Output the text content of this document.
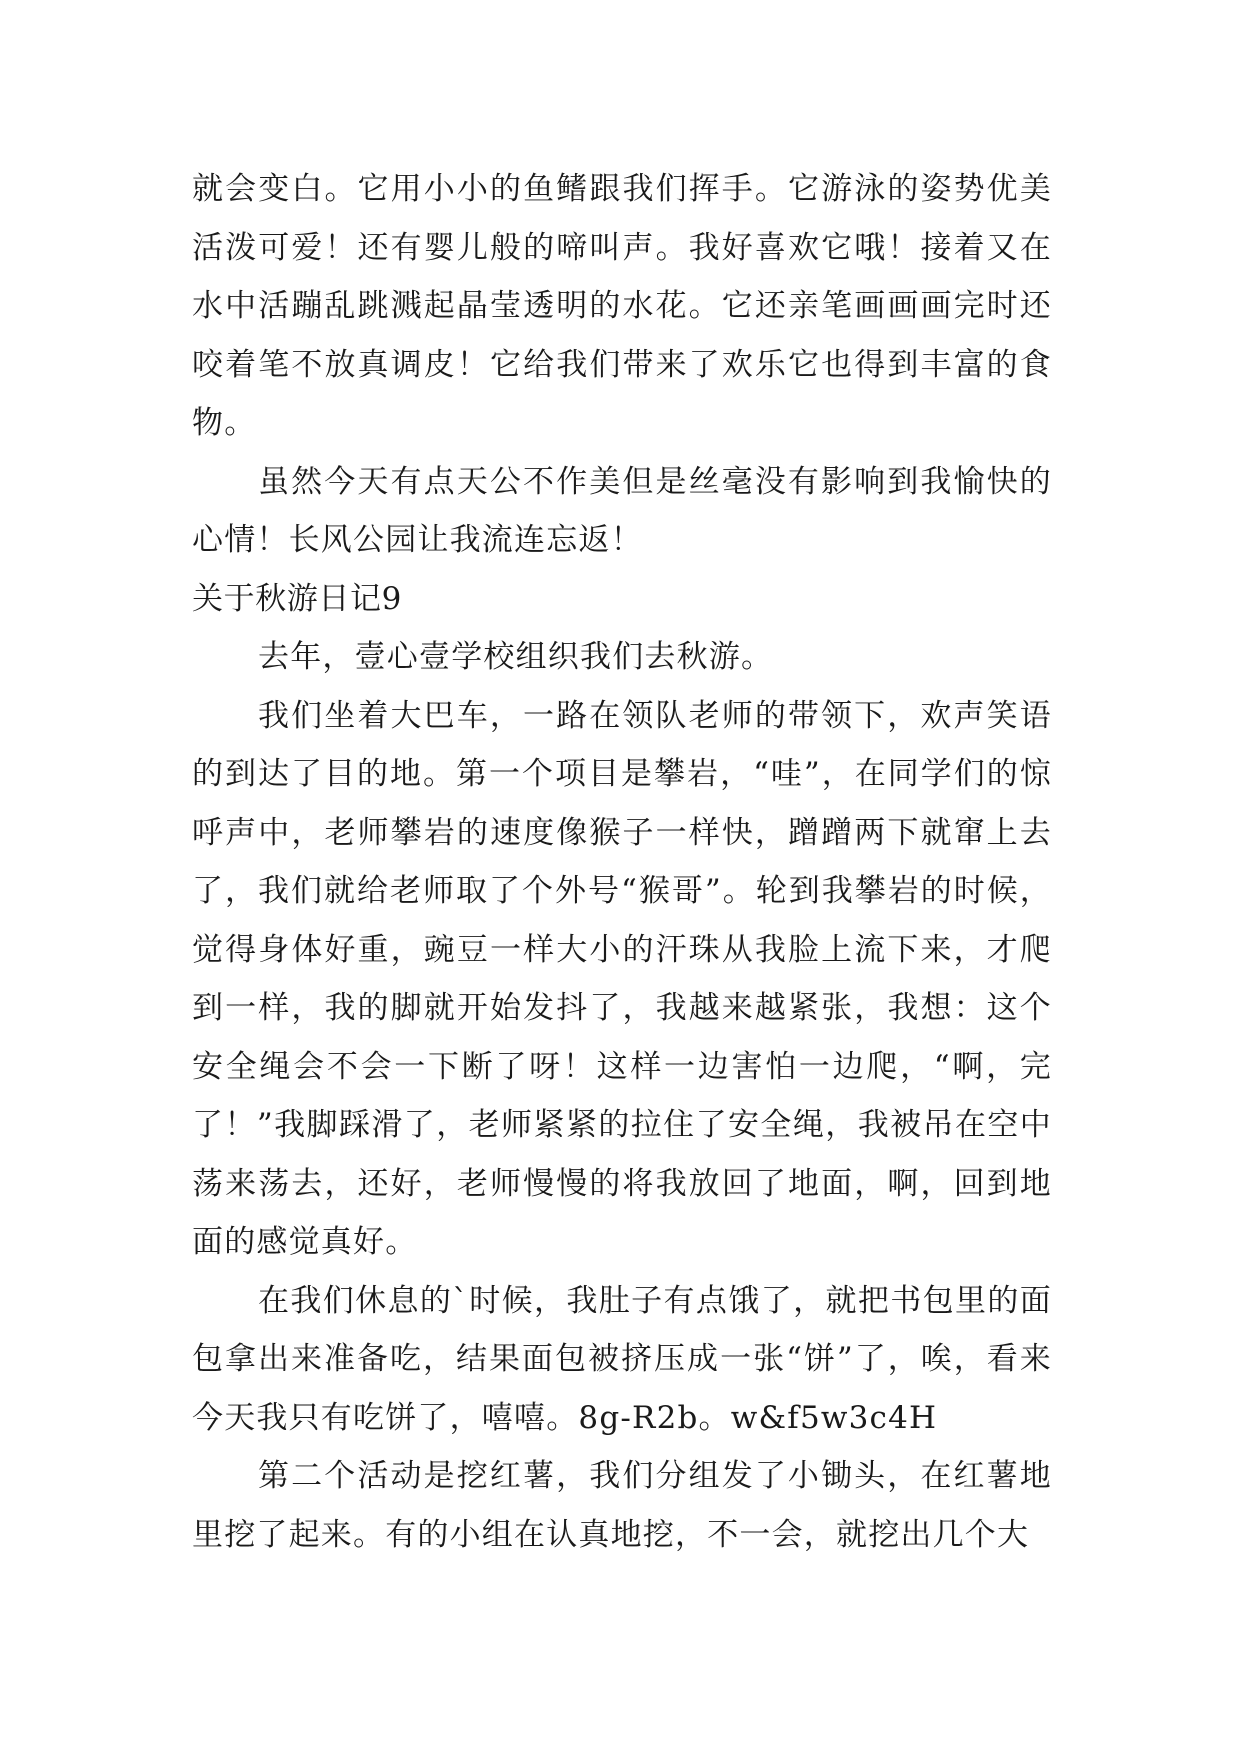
就会变白。它用小小的鱼鳍跟我们挥手。它游泳的姿势优美活泼可爱！还有婴儿般的啼叫声。我好喜欢它哦！接着又在水中活蹦乱跳溅起晶莹透明的水花。它还亲笔画画画完时还咬着笔不放真调皮！它给我们带来了欢乐它也得到丰富的食物。

虽然今天有点天公不作美但是丝毫没有影响到我愉快的心情！长风公园让我流连忘返！

关于秋游日记9

去年，壹心壹学校组织我们去秋游。

我们坐着大巴车，一路在领队老师的带领下，欢声笑语的到达了目的地。第一个项目是攀岩，“哇”，在同学们的惊呼声中，老师攀岩的速度像猴子一样快，蹭蹭两下就窜上去了，我们就给老师取了个外号“猴哥”。轮到我攀岩的时候，觉得身体好重，豌豆一样大小的汗珠从我脸上流下来，才爬到一样，我的脚就开始发抖了，我越来越紧张，我想：这个安全绳会不会一下断了呀！这样一边害怕一边爬，“啊，完了！”我脚踩滑了，老师紧紧的拉住了安全绳，我被吊在空中荡来荡去，还好，老师慢慢的将我放回了地面，啊，回到地面的感觉真好。

在我们休息的`时候，我肚子有点饿了，就把书包里的面包拿出来准备吃，结果面包被挤压成一张“饼”了，唉，看来今天我只有吃饼了，嘻嘻。8g-R2b。w&f5w3c4H

第二个活动是挖红薯，我们分组发了小锄头，在红薯地里挖了起来。有的小组在认真地挖，不一会，就挖出几个大
